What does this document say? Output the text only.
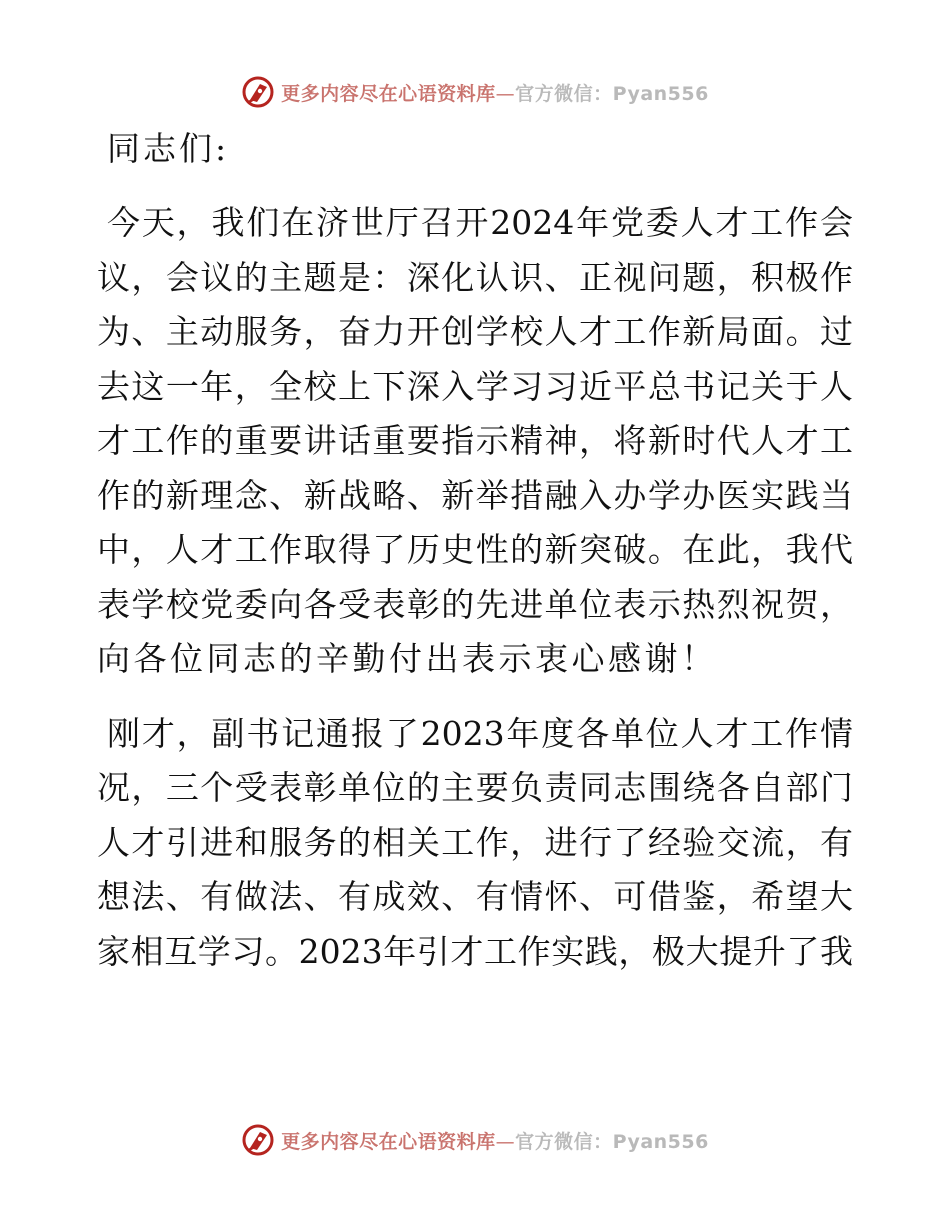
更多内容尽在心语资料库—官方微信：Pyan556

同志们:

今天，我们在济世厅召开2024年党委人才工作会
议，会议的主题是：深化认识、正视问题，积极作
为、主动服务，奋力开创学校人才工作新局面。过
去这一年，全校上下深入学习习近平总书记关于人
才工作的重要讲话重要指示精神，将新时代人才工
作的新理念、新战略、新举措融入办学办医实践当
中，人才工作取得了历史性的新突破。在此，我代
表学校党委向各受表彰的先进单位表示热烈祝贺，
向各位同志的辛勤付出表示衷心感谢！
刚才，副书记通报了2023年度各单位人才工作情
况，三个受表彰单位的主要负责同志围绕各自部门
人才引进和服务的相关工作，进行了经验交流，有
想法、有做法、有成效、有情怀、可借鉴，希望大
家相互学习。2023年引才工作实践，极大提升了我
更多内容尽在心语资料库—官方微信：Pyan556
